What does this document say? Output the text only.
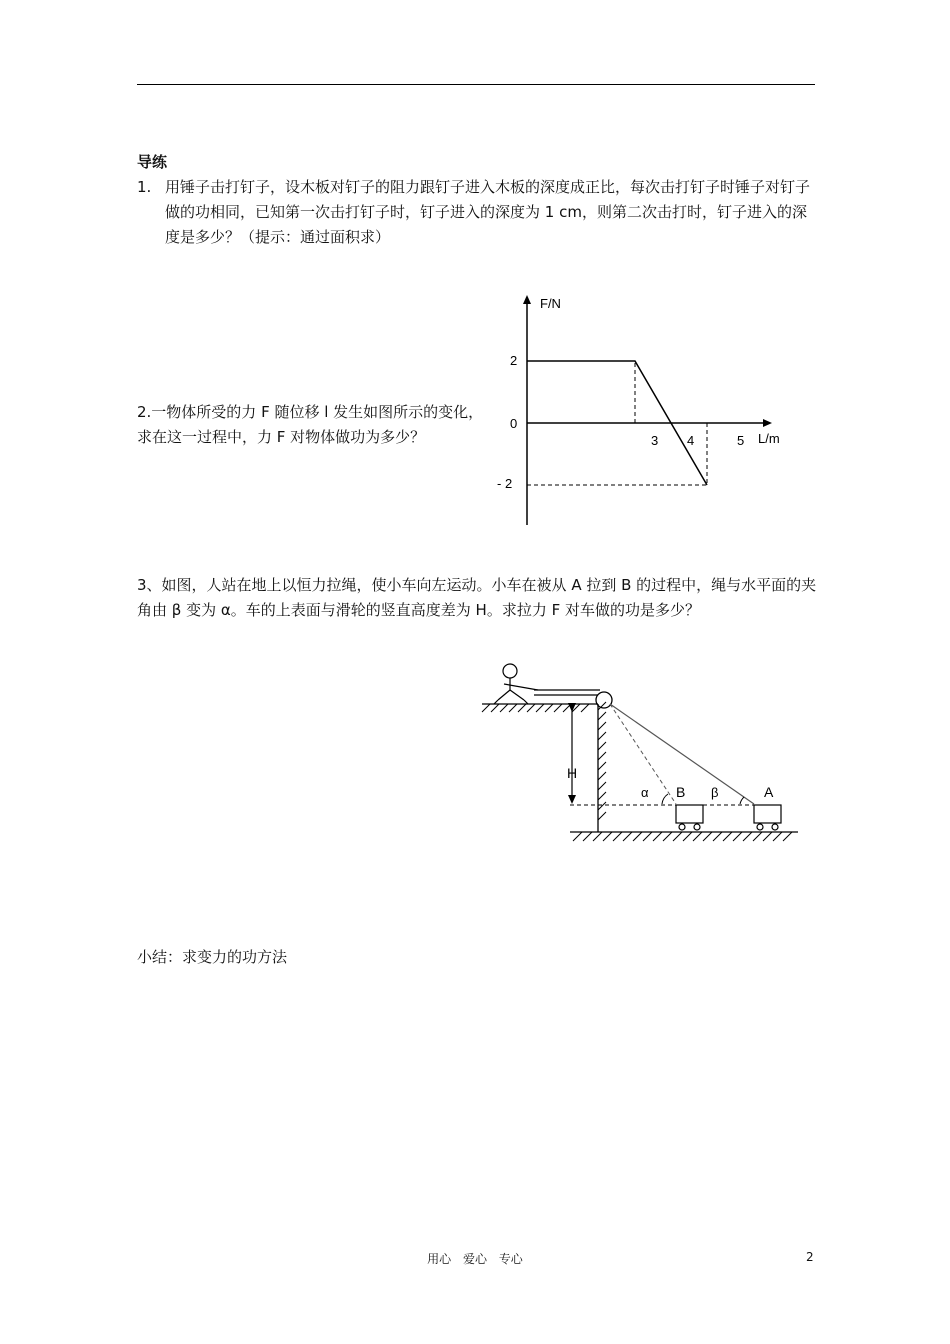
导练
1. 用锤子击打钉子，设木板对钉子的阻力跟钉子进入木板的深度成正比，每次击打钉子时锤子对钉子做的功相同，已知第一次击打钉子时，钉子进入的深度为 1 cm，则第二次击打时，钉子进入的深度是多少？（提示：通过面积求）
2.一物体所受的力 F 随位移 l 发生如图所示的变化，求在这一过程中，力 F 对物体做功为多少？
F/N
L/m
2
0
- 2
3 4	5
3、如图，人站在地上以恒力拉绳，使小车向左运动。小车在被从 A 拉到 B 的过程中，绳与水平面的夹角由 β 变为 α。车的上表面与滑轮的竖直高度差为 H。求拉力 F 对车做的功是多少？
H
α B β	A
小结：求变力的功方法
用心 爱心 专心	2
